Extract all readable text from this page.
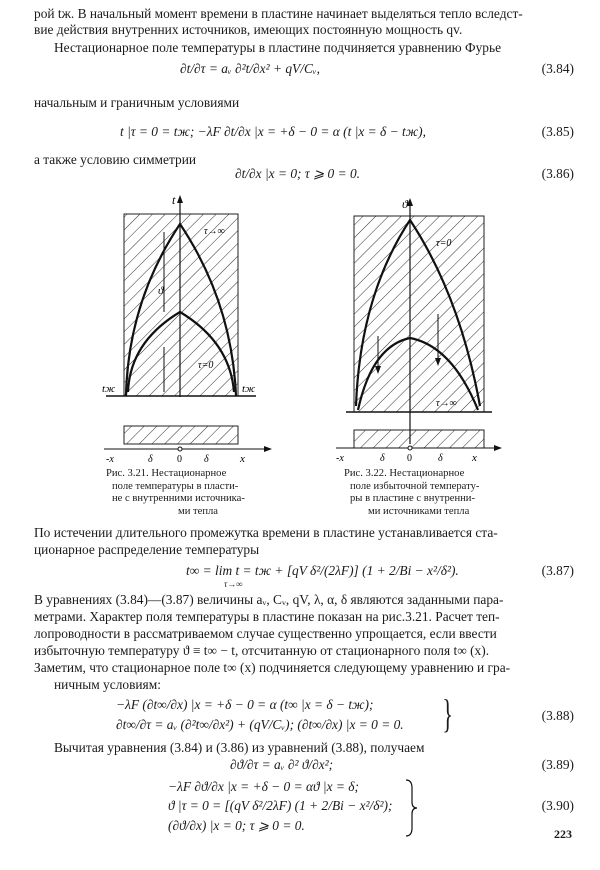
рой tж. В начальный момент времени в пластине начинает выделяться тепло вследст-
вие действия внутренних источников, имеющих постоянную мощность qv.
Нестационарное поле температуры в пластине подчиняется уравнению Фурье
∂t/∂τ = aᵥ ∂²t/∂x² + qV/Cᵥ,	(3.84)
начальным и граничным условиями
t |τ = 0 = tж; −λF ∂t/∂x |x = +δ − 0 = α (t |x = δ − tж),	(3.85)
а также условию симметрии
∂t/∂x |x = 0; τ ⩾ 0 = 0.	(3.86)
t
τ→∞
τ=0
ϑ
tж	tж
-x	δ 0 δ	x
Рис. 3.21. Нестационарное
поле температуры в пласти-
не с внутренними источника-
ми тепла
ϑ
τ=0
τ→∞
-x	δ 0	δ	x
Рис. 3.22. Нестационарное
поле избыточной температу-
ры в пластине с внутренни-
ми источниками тепла
По истечении длительного промежутка времени в пластине устанавливается ста-
ционарное распределение температуры
t∞ = lim t = tж + [qV δ²/(2λF)] (1 + 2/Bi − x²/δ²).
τ→∞
(3.87)
В уравнениях (3.84)—(3.87) величины aᵥ, Cᵥ, qV, λ, α, δ являются заданными пара-
метрами. Характер поля температуры в пластине показан на рис.3.21. Расчет теп-
лопроводности в рассматриваемом случае существенно упрощается, если ввести
избыточную температуру ϑ ≡ t∞ − t, отсчитанную от стационарного поля t∞ (x).
Заметим, что стационарное поле t∞ (x) подчиняется следующему уравнению и гра-
ничным условиям:
−λF (∂t∞/∂x) |x = +δ − 0 = α (t∞ |x = δ − tж);
∂t∞/∂τ = aᵥ (∂²t∞/∂x²) + (qV/Cᵥ); (∂t∞/∂x) |x = 0 = 0. }	(3.88)
Вычитая уравнения (3.84) и (3.86) из уравнений (3.88), получаем
∂ϑ/∂τ = aᵥ ∂² ϑ/∂x²;	(3.89)
−λF ∂ϑ/∂x |x = +δ − 0 = αϑ |x = δ;
ϑ |τ = 0 = [(qV δ²/2λF) (1 + 2/Bi − x²/δ²);
(∂ϑ/∂x) |x = 0; τ ⩾ 0 = 0.
(3.90)
223
